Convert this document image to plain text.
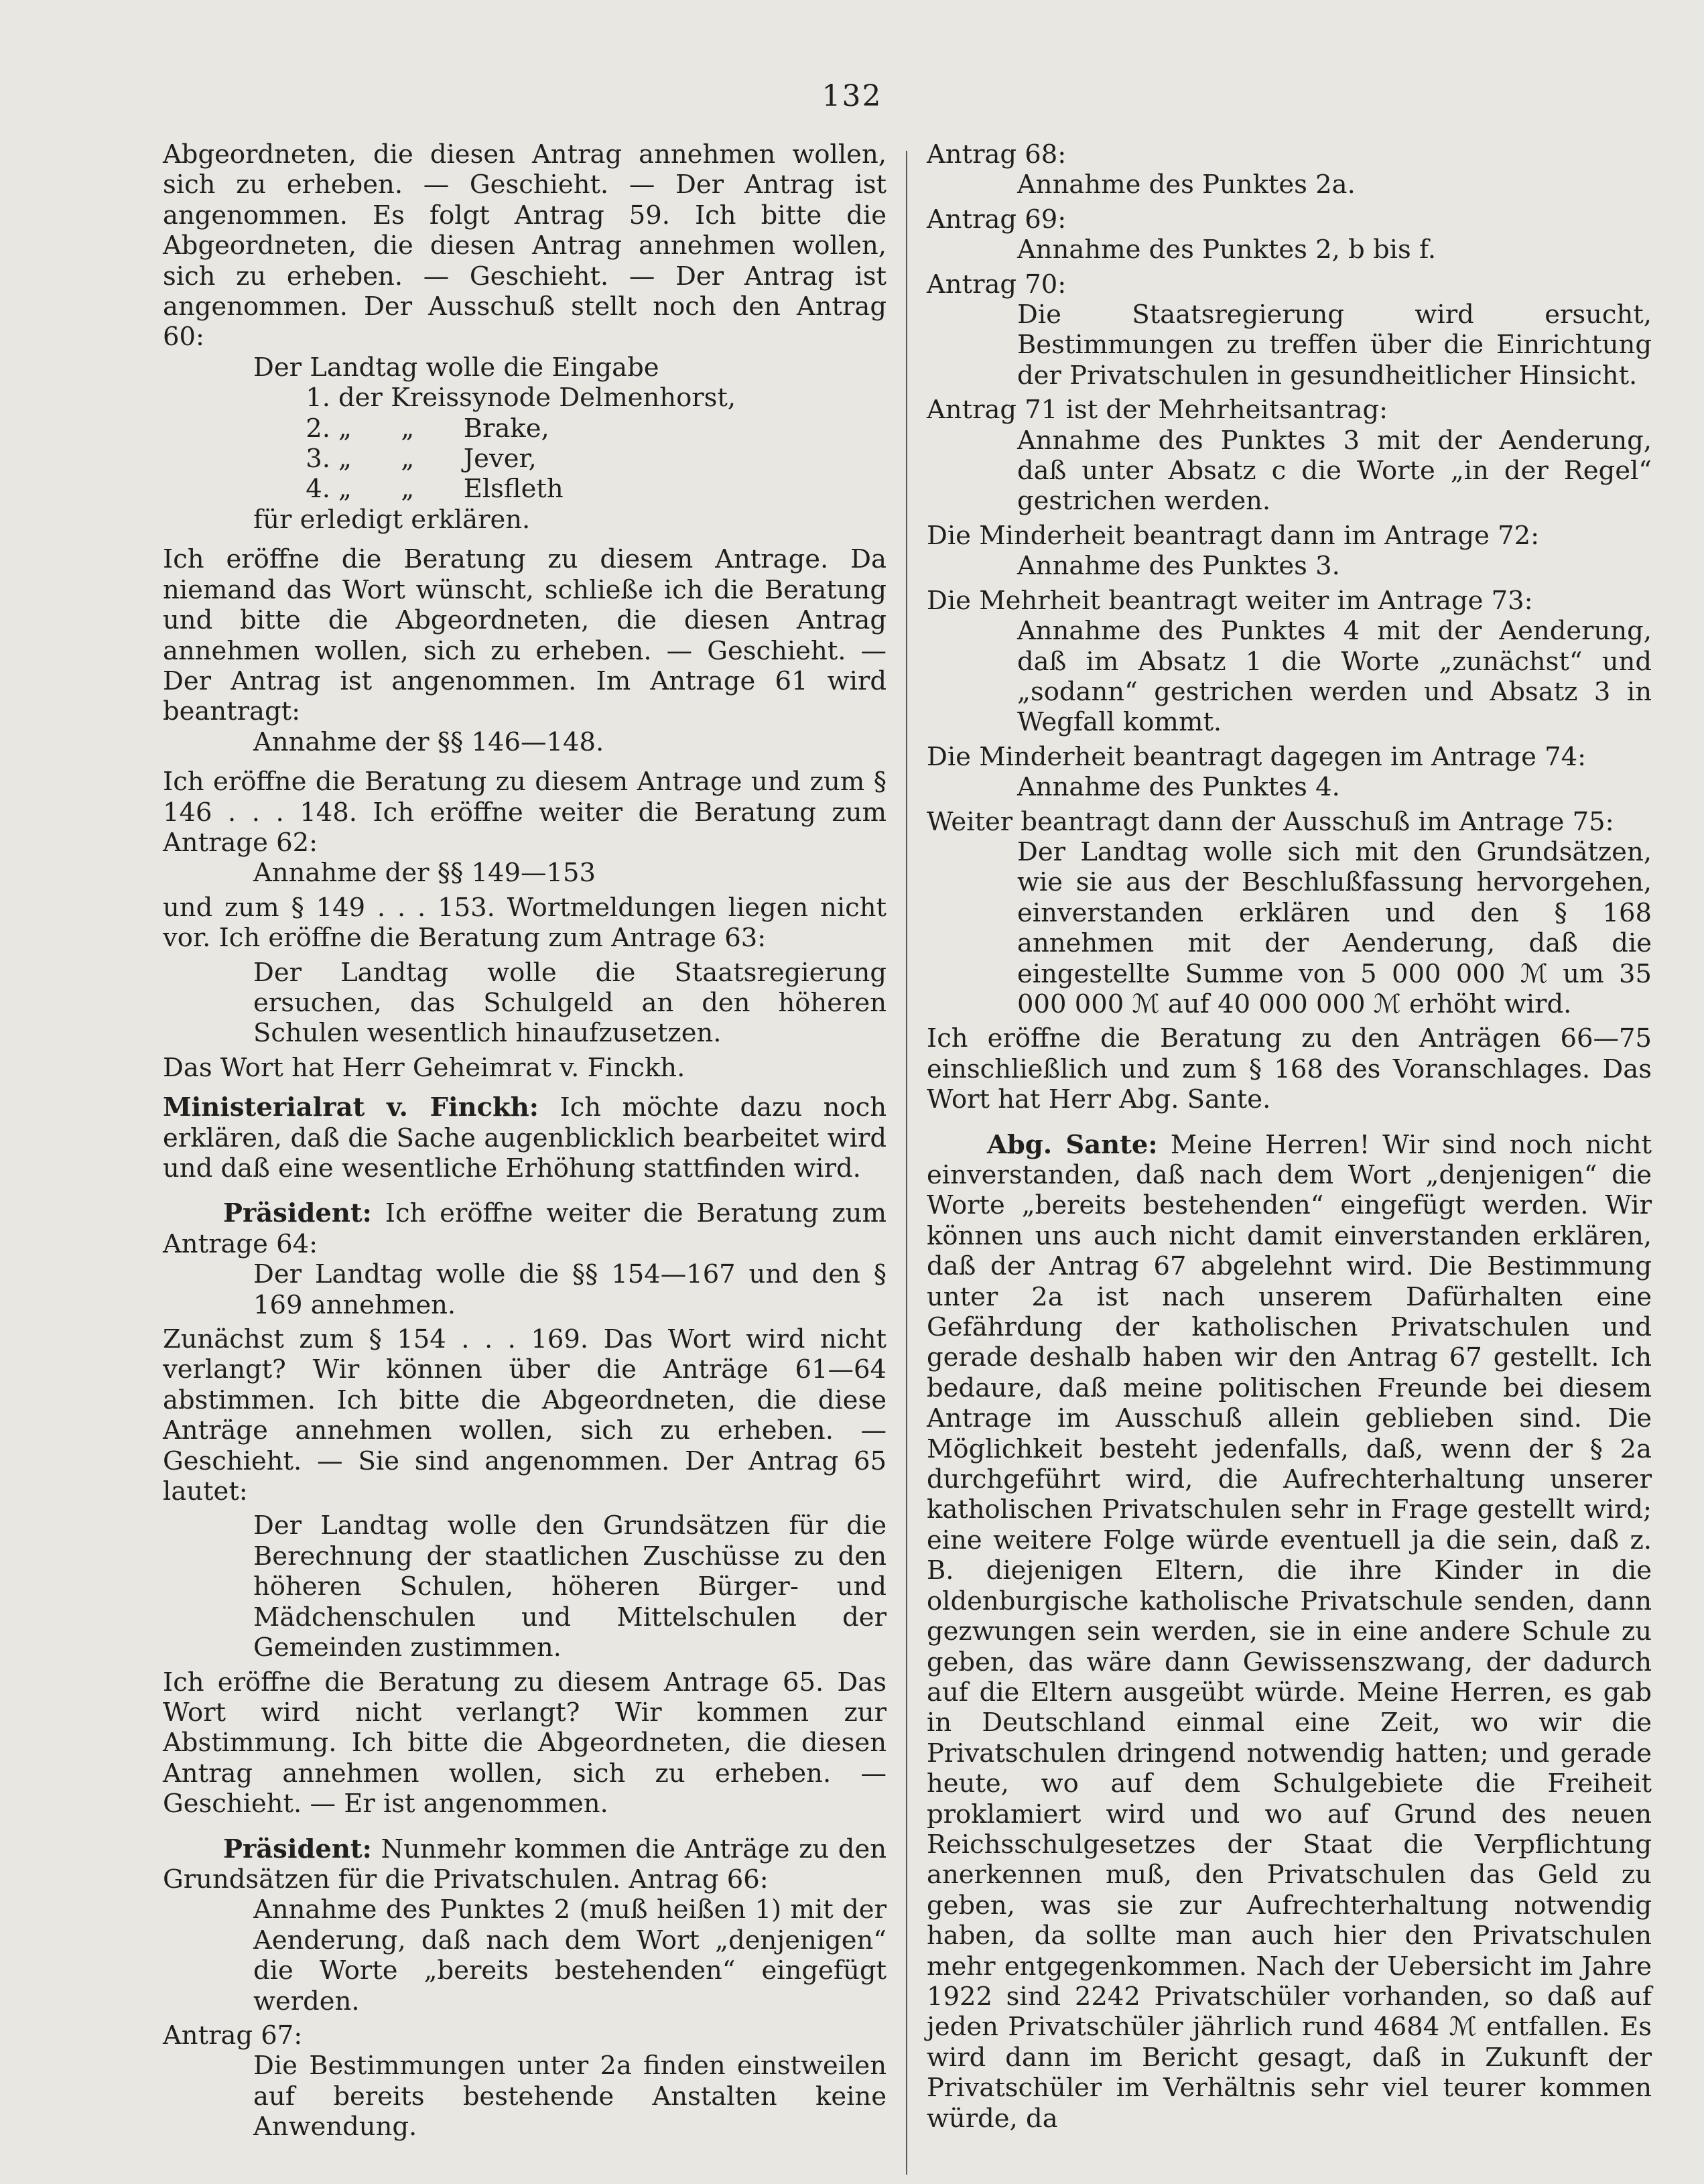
132

Abgeordneten, die diesen Antrag annehmen wollen, sich zu erheben. — Geschieht. — Der Antrag ist angenommen. Es folgt Antrag 59. Ich bitte die Abgeordneten, die diesen Antrag annehmen wollen, sich zu erheben. — Geschieht. — Der Antrag ist angenommen. Der Ausschuß stellt noch den Antrag 60:

Der Landtag wolle die Eingabe

1. der Kreissynode Delmenhorst,
2. „      „      Brake,
3. „      „      Jever,
4. „      „      Elsfleth

für erledigt erklären.

Ich eröffne die Beratung zu diesem Antrage. Da niemand das Wort wünscht, schließe ich die Beratung und bitte die Abgeordneten, die diesen Antrag annehmen wollen, sich zu erheben. — Geschieht. — Der Antrag ist angenommen. Im Antrage 61 wird beantragt:

Annahme der §§ 146—148.

Ich eröffne die Beratung zu diesem Antrage und zum § 146 . . . 148. Ich eröffne weiter die Beratung zum Antrage 62:

Annahme der §§ 149—153

und zum § 149 . . . 153. Wortmeldungen liegen nicht vor. Ich eröffne die Beratung zum Antrage 63:

Der Landtag wolle die Staatsregierung ersuchen, das Schulgeld an den höheren Schulen wesentlich hinaufzusetzen.

Das Wort hat Herr Geheimrat v. Finckh.

Ministerialrat v. Finckh: Ich möchte dazu noch erklären, daß die Sache augenblicklich bearbeitet wird und daß eine wesentliche Erhöhung stattfinden wird.

Präsident: Ich eröffne weiter die Beratung zum Antrage 64:

Der Landtag wolle die §§ 154—167 und den § 169 annehmen.

Zunächst zum § 154 . . . 169. Das Wort wird nicht verlangt? Wir können über die Anträge 61—64 abstimmen. Ich bitte die Abgeordneten, die diese Anträge annehmen wollen, sich zu erheben. — Geschieht. — Sie sind angenommen. Der Antrag 65 lautet:

Der Landtag wolle den Grundsätzen für die Berechnung der staatlichen Zuschüsse zu den höheren Schulen, höheren Bürger- und Mädchenschulen und Mittelschulen der Gemeinden zustimmen.

Ich eröffne die Beratung zu diesem Antrage 65. Das Wort wird nicht verlangt? Wir kommen zur Abstimmung. Ich bitte die Abgeordneten, die diesen Antrag annehmen wollen, sich zu erheben. — Geschieht. — Er ist angenommen.

Präsident: Nunmehr kommen die Anträge zu den Grundsätzen für die Privatschulen. Antrag 66:

Annahme des Punktes 2 (muß heißen 1) mit der Aenderung, daß nach dem Wort „denjenigen“ die Worte „bereits bestehenden“ eingefügt werden.

Antrag 67:

Die Bestimmungen unter 2a finden einstweilen auf bereits bestehende Anstalten keine Anwendung.

Antrag 68:

Annahme des Punktes 2a.

Antrag 69:

Annahme des Punktes 2, b bis f.

Antrag 70:

Die Staatsregierung wird ersucht, Bestimmungen zu treffen über die Einrichtung der Privatschulen in gesundheitlicher Hinsicht.

Antrag 71 ist der Mehrheitsantrag:

Annahme des Punktes 3 mit der Aenderung, daß unter Absatz c die Worte „in der Regel“ gestrichen werden.

Die Minderheit beantragt dann im Antrage 72:

Annahme des Punktes 3.

Die Mehrheit beantragt weiter im Antrage 73:

Annahme des Punktes 4 mit der Aenderung, daß im Absatz 1 die Worte „zunächst“ und „sodann“ gestrichen werden und Absatz 3 in Wegfall kommt.

Die Minderheit beantragt dagegen im Antrage 74:

Annahme des Punktes 4.

Weiter beantragt dann der Ausschuß im Antrage 75:

Der Landtag wolle sich mit den Grundsätzen, wie sie aus der Beschlußfassung hervorgehen, einverstanden erklären und den § 168 annehmen mit der Aenderung, daß die eingestellte Summe von 5 000 000 ℳ um 35 000 000 ℳ auf 40 000 000 ℳ erhöht wird.

Ich eröffne die Beratung zu den Anträgen 66—75 einschließlich und zum § 168 des Voranschlages. Das Wort hat Herr Abg. Sante.

Abg. Sante: Meine Herren! Wir sind noch nicht einverstanden, daß nach dem Wort „denjenigen“ die Worte „bereits bestehenden“ eingefügt werden. Wir können uns auch nicht damit einverstanden erklären, daß der Antrag 67 abgelehnt wird. Die Bestimmung unter 2a ist nach unserem Dafürhalten eine Gefährdung der katholischen Privatschulen und gerade deshalb haben wir den Antrag 67 gestellt. Ich bedaure, daß meine politischen Freunde bei diesem Antrage im Ausschuß allein geblieben sind. Die Möglichkeit besteht jedenfalls, daß, wenn der § 2a durchgeführt wird, die Aufrechterhaltung unserer katholischen Privatschulen sehr in Frage gestellt wird; eine weitere Folge würde eventuell ja die sein, daß z. B. diejenigen Eltern, die ihre Kinder in die oldenburgische katholische Privatschule senden, dann gezwungen sein werden, sie in eine andere Schule zu geben, das wäre dann Gewissenszwang, der dadurch auf die Eltern ausgeübt würde. Meine Herren, es gab in Deutschland einmal eine Zeit, wo wir die Privatschulen dringend notwendig hatten; und gerade heute, wo auf dem Schulgebiete die Freiheit proklamiert wird und wo auf Grund des neuen Reichsschulgesetzes der Staat die Verpflichtung anerkennen muß, den Privatschulen das Geld zu geben, was sie zur Aufrechterhaltung notwendig haben, da sollte man auch hier den Privatschulen mehr entgegenkommen. Nach der Uebersicht im Jahre 1922 sind 2242 Privatschüler vorhanden, so daß auf jeden Privatschüler jährlich rund 4684 ℳ entfallen. Es wird dann im Bericht gesagt, daß in Zukunft der Privatschüler im Verhältnis sehr viel teurer kommen würde, da
